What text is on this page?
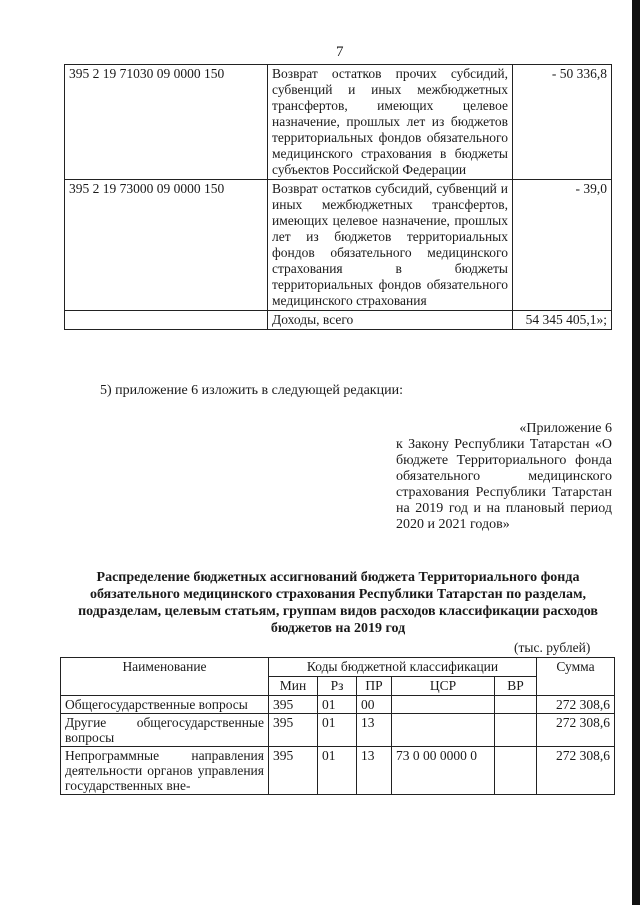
7
395 2 19 71030 09 0000 150	Возврат остатков прочих субсидий, субвенций и иных межбюджетных трансфертов, имеющих целевое назначение, прошлых лет из бюджетов территориальных фондов обязательного медицинского страхования в бюджеты субъектов Российской Федерации	- 50 336,8
395 2 19 73000 09 0000 150	Возврат остатков субсидий, субвенций и иных межбюджетных трансфертов, имеющих целевое назначение, прошлых лет из бюджетов территориальных фондов обязательного медицинского страхования в бюджеты территориальных фондов обязательного медицинского страхования	- 39,0
	Доходы, всего	54 345 405,1»;
5) приложение 6 изложить в следующей редакции:
«Приложение 6
к Закону Республики Татарстан «О бюджете Территориального фонда обязательного медицинского страхования Республики Татарстан на 2019 год и на плановый период 2020 и 2021 годов»
Распределение бюджетных ассигнований бюджета Территориального фонда обязательного медицинского страхования Республики Татарстан по разделам, подразделам, целевым статьям, группам видов расходов классификации расходов бюджетов на 2019 год
(тыс. рублей)
Наименование	Коды бюджетной классификации					Сумма
	Мин	Рз	ПР	ЦСР	ВР	
Общегосударственные вопросы	395	01	00			272 308,6
Другие общегосударственные вопросы	395	01	13			272 308,6
Непрограммные направления деятельности органов управления государственных вне-	395	01	13	73 0 00 0000 0		272 308,6
